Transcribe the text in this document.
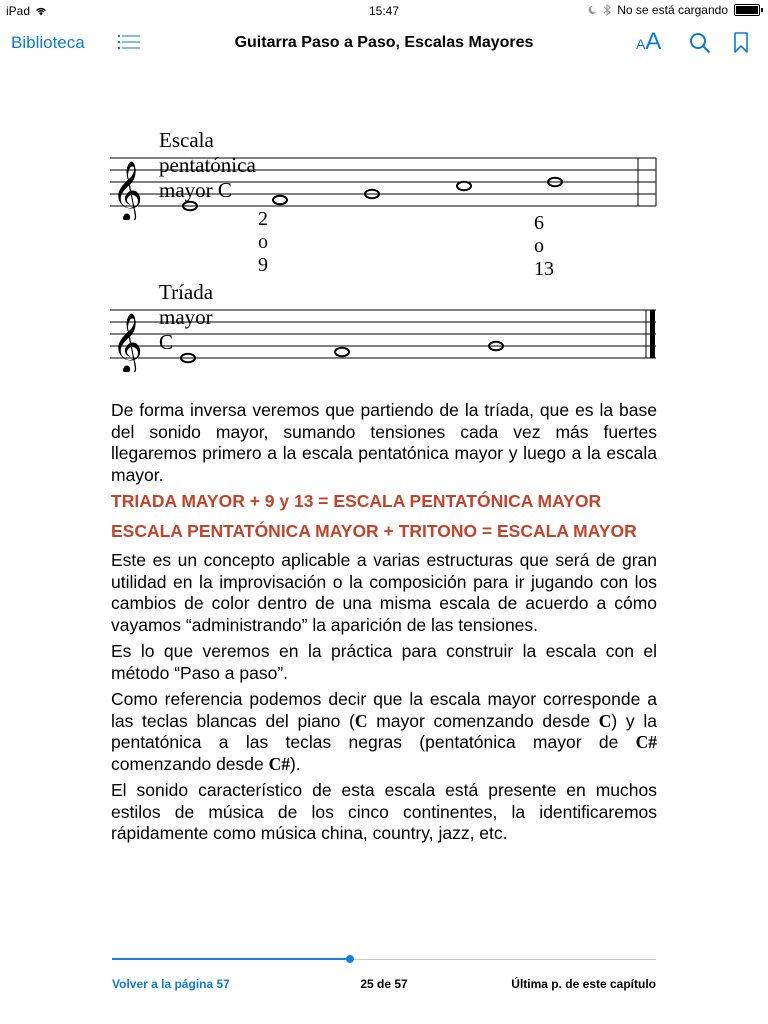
iPad	15:47	No se está cargando
Biblioteca	Guitarra Paso a Paso, Escalas Mayores	AA
Escala pentatónica mayor C
𝄞	2 o 9
6 o 13
Tríada mayor C
𝄞

De forma inversa veremos que partiendo de la tríada, que es la base del sonido mayor, sumando tensiones cada vez más fuertes llegaremos primero a la escala pentatónica mayor y luego a la escala mayor.

TRIADA MAYOR + 9 y 13 = ESCALA PENTATÓNICA MAYOR

ESCALA PENTATÓNICA MAYOR + TRITONO = ESCALA MAYOR

Este es un concepto aplicable a varias estructuras que será de gran utilidad en la improvisación o la composición para ir jugando con los cambios de color dentro de una misma escala de acuerdo a cómo vayamos “administrando” la aparición de las tensiones.

Es lo que veremos en la práctica para construir la escala con el método “Paso a paso”.

Como referencia podemos decir que la escala mayor corresponde a las teclas blancas del piano (C mayor comenzando desde C) y la pentatónica a las teclas negras (pentatónica mayor de C# comenzando desde C#).

El sonido característico de esta escala está presente en muchos estilos de música de los cinco continentes, la identificaremos rápidamente como música china, country, jazz, etc.

Volver a la página 57	25 de 57	Última p. de este capítulo
